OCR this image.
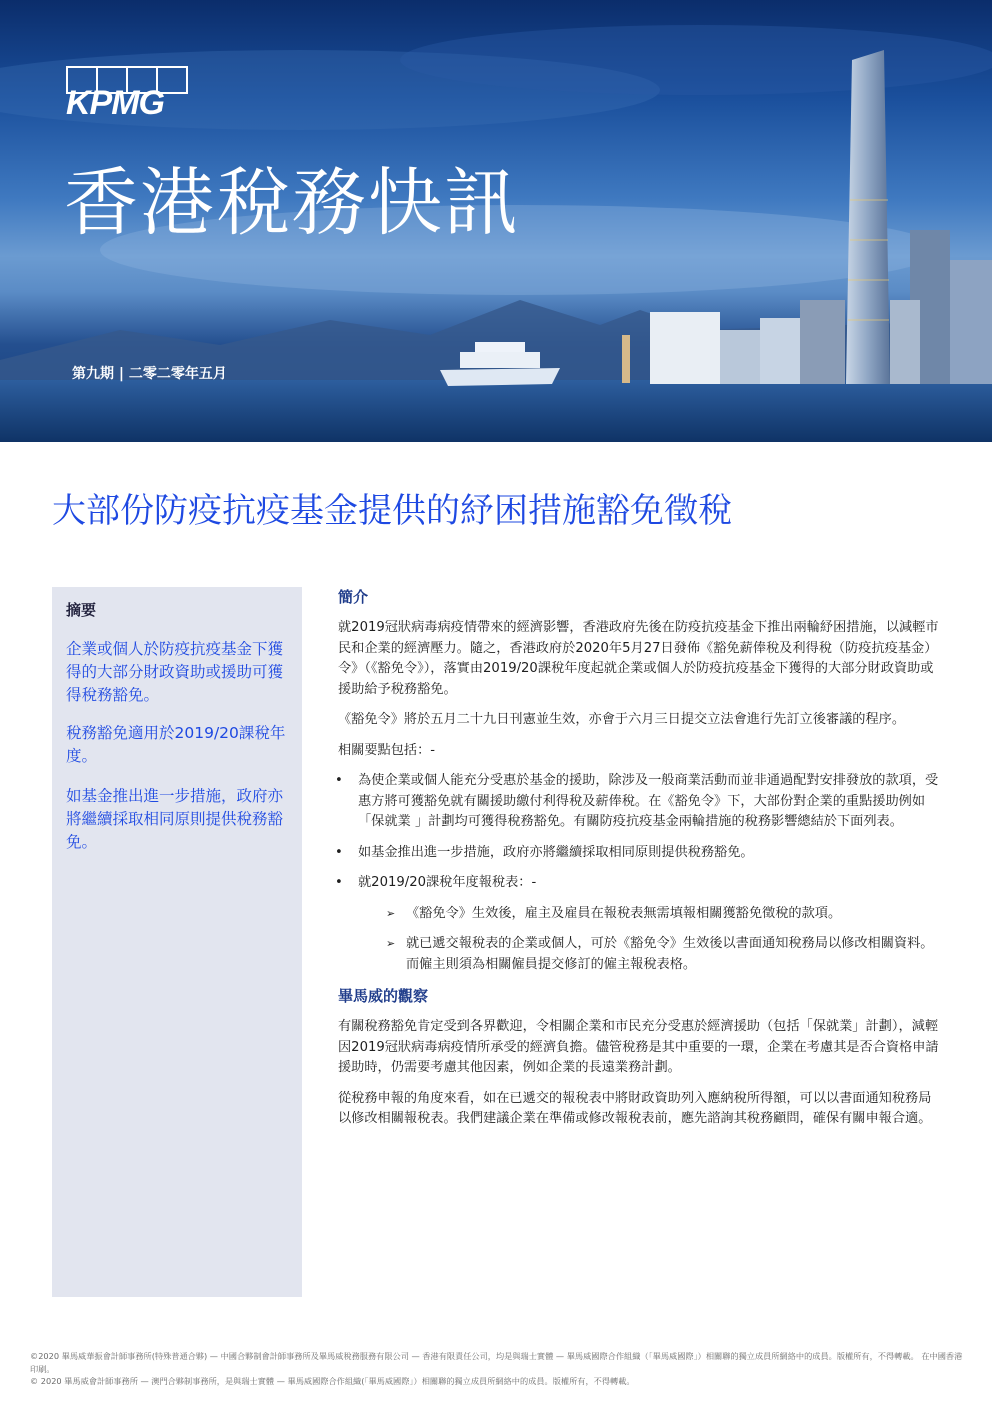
KPMG
香港稅務快訊
第九期 | 二零二零年五月
大部份防疫抗疫基金提供的紓困措施豁免徵稅
摘要
企業或個人於防疫抗疫基金下獲得的大部分財政資助或援助可獲得稅務豁免。
稅務豁免適用於2019/20課稅年度。
如基金推出進一步措施，政府亦將繼續採取相同原則提供稅務豁免。
簡介

就2019冠狀病毒病疫情帶來的經濟影響，香港政府先後在防疫抗疫基金下推出兩輪紓困措施，以減輕市民和企業的經濟壓力。隨之，香港政府於2020年5月27日發佈《豁免薪俸稅及利得稅（防疫抗疫基金）令》（《豁免令》），落實由2019/20課稅年度起就企業或個人於防疫抗疫基金下獲得的大部分財政資助或援助給予稅務豁免。

《豁免令》將於五月二十九日刊憲並生效，亦會于六月三日提交立法會進行先訂立後審議的程序。

相關要點包括：-

• 為使企業或個人能充分受惠於基金的援助，除涉及一般商業活動而並非通過配對安排發放的款項，受惠方將可獲豁免就有關援助繳付利得稅及薪俸稅。在《豁免令》下，大部份對企業的重點援助例如「保就業 」計劃均可獲得稅務豁免。有關防疫抗疫基金兩輪措施的稅務影響總結於下面列表。
• 如基金推出進一步措施，政府亦將繼續採取相同原則提供稅務豁免。
• 就2019/20課稅年度報稅表：-
➢ 《豁免令》生效後，雇主及雇員在報稅表無需填報相關獲豁免徵稅的款項。
➢ 就已遞交報稅表的企業或個人，可於《豁免令》生效後以書面通知稅務局以修改相關資料。而僱主則須為相關僱員提交修訂的僱主報稅表格。
畢馬威的觀察

有關稅務豁免肯定受到各界歡迎，令相關企業和市民充分受惠於經濟援助（包括「保就業」計劃），減輕因2019冠狀病毒病疫情所承受的經濟負擔。儘管稅務是其中重要的一環，企業在考慮其是否合資格申請援助時，仍需要考慮其他因素，例如企業的長遠業務計劃。

從稅務申報的角度來看，如在已遞交的報稅表中將財政資助列入應納稅所得額，可以以書面通知稅務局以修改相關報稅表。我們建議企業在準備或修改報稅表前，應先諮詢其稅務顧問，確保有關申報合適。

©2020 畢馬威華振會計師事務所(特殊普通合夥) — 中國合夥制會計師事務所及畢馬威稅務服務有限公司 — 香港有限責任公司，均是與瑞士實體 — 畢馬威國際合作組織（「畢馬威國際」）相關聯的獨立成員所網絡中的成員。版權所有，不得轉載。 在中國香港印刷。
© 2020 畢馬威會計師事務所 — 澳門合夥制事務所，是與瑞士實體 — 畢馬威國際合作組織(「畢馬威國際」）相關聯的獨立成員所網絡中的成員。版權所有，不得轉載。
